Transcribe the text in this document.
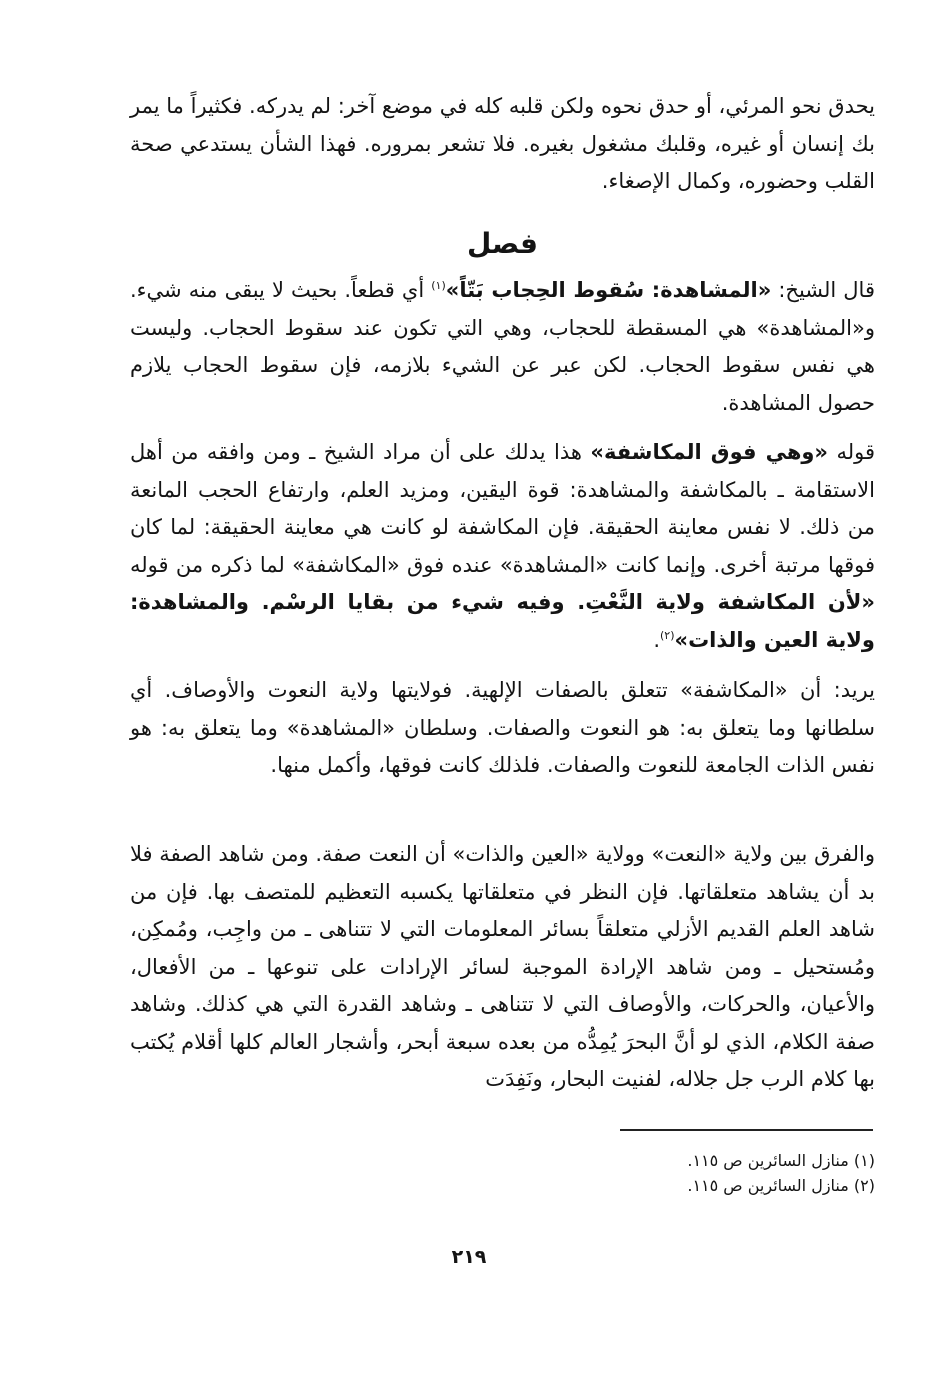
يحدق نحو المرئي، أو حدق نحوه ولكن قلبه كله في موضع آخر: لم يدركه. فكثيراً ما يمر بك إنسان أو غيره، وقلبك مشغول بغيره. فلا تشعر بمروره. فهذا الشأن يستدعي صحة القلب وحضوره، وكمال الإصغاء.
فصل
قال الشيخ: «المشاهدة: سُقوط الحِجاب بَتّاً»$^{(١)}$ أي قطعاً. بحيث لا يبقى منه شيء. و«المشاهدة» هي المسقطة للحجاب، وهي التي تكون عند سقوط الحجاب. وليست هي نفس سقوط الحجاب. لكن عبر عن الشيء بلازمه، فإن سقوط الحجاب يلازم حصول المشاهدة.
قوله «وهي فوق المكاشفة» هذا يدلك على أن مراد الشيخ ـ ومن وافقه من أهل الاستقامة ـ بالمكاشفة والمشاهدة: قوة اليقين، ومزيد العلم، وارتفاع الحجب المانعة من ذلك. لا نفس معاينة الحقيقة. فإن المكاشفة لو كانت هي معاينة الحقيقة: لما كان فوقها مرتبة أخرى. وإنما كانت «المشاهدة» عنده فوق «المكاشفة» لما ذكره من قوله «لأن المكاشفة ولاية النَّعْتِ. وفيه شيء من بقايا الرسْم. والمشاهدة: ولاية العين والذات»$^{(٢)}$.
يريد: أن «المكاشفة» تتعلق بالصفات الإلهية. فولايتها ولاية النعوت والأوصاف. أي سلطانها وما يتعلق به: هو النعوت والصفات. وسلطان «المشاهدة» وما يتعلق به: هو نفس الذات الجامعة للنعوت والصفات. فلذلك كانت فوقها، وأكمل منها.
والفرق بين ولاية «النعت» وولاية «العين والذات» أن النعت صفة. ومن شاهد الصفة فلا بد أن يشاهد متعلقاتها. فإن النظر في متعلقاتها يكسبه التعظيم للمتصف بها. فإن من شاهد العلم القديم الأزلي متعلقاً بسائر المعلومات التي لا تتناهى ـ من واجِب، ومُمكِن، ومُستحيل ـ ومن شاهد الإرادة الموجبة لسائر الإرادات على تنوعها ـ من الأفعال، والأعيان، والحركات، والأوصاف التي لا تتناهى ـ وشاهد القدرة التي هي كذلك. وشاهد صفة الكلام، الذي لو أنَّ البحرَ يُمِدُّه من بعده سبعة أبحر، وأشجار العالم كلها أقلام يُكتب بها كلام الرب جل جلاله، لفنيت البحار، ونَفِدَت
(١) منازل السائرين ص ١١٥.
(٢) منازل السائرين ص ١١٥.
٢١٩
